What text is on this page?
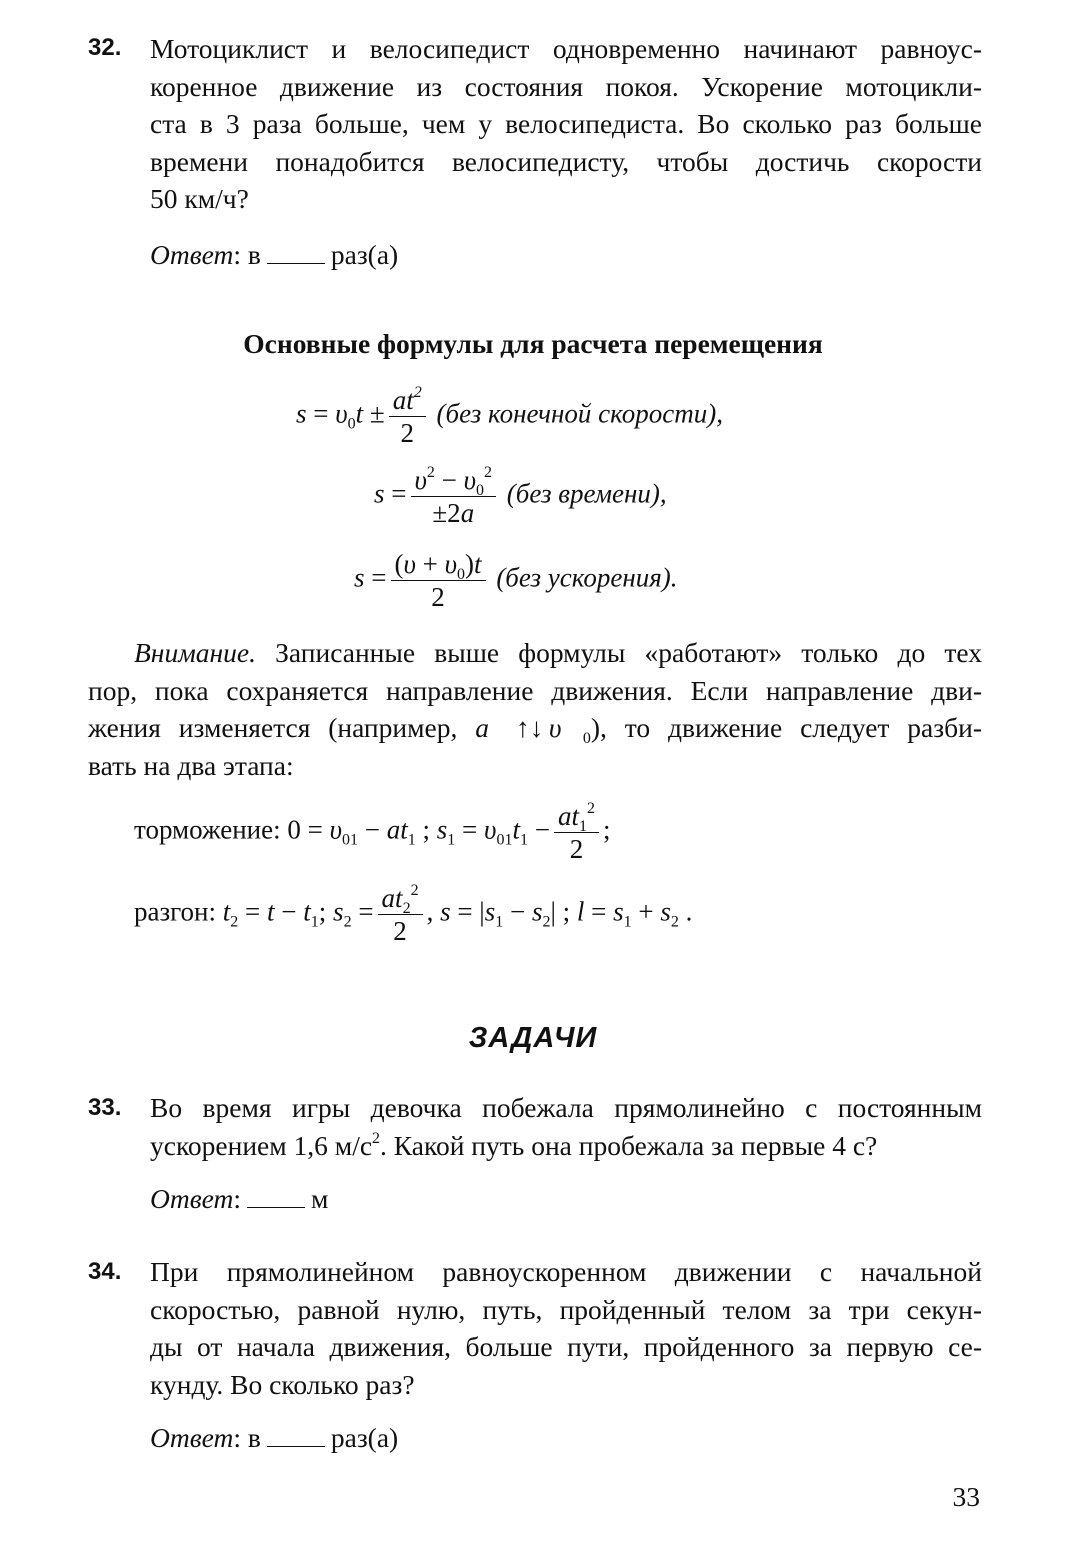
32. Мотоциклист и велосипедист одновременно начинают равноус-
коренное движение из состояния покоя. Ускорение мотоцикли-
ста в 3 раза больше, чем у велосипедиста. Во сколько раз больше
времени понадобится велосипедисту, чтобы достичь скорости
50 км/ч?
Ответ: в	раз(а)
Основные формулы для расчета перемещения
$s = \upsilon_0t \pm \frac{at^2}{2} (без$ конечной скорости),
$s = \frac{\upsilon^2 - \upsilon_0^2}{\pm 2a} (без$ времени),
$s = \frac{(\upsilon + \upsilon_0)t}{2} (без$ ускорения).
Внимание. Записанные выше формулы «работают» только до тех
пор, пока сохраняется направление движения. Если направление дви-
жения изменяется (например, a⃗ ↑↓ $\upsilon⃗_0$), то движение следует разби-
вать на два этапа:
торможение: $0 = \upsilon_{01} - at_1$ ; $s_1 = \upsilon_{01}t_1 - \frac{at_1^2}{2}$ ;
разгон: $t_2 = t - t_1$; $s_2 = \frac{at_2^2}{2}$ , $s = |s_1 - s_2|$ ; $l = s_1 + s_2$ .
ЗАДАЧИ
33. Во время игры девочка побежала прямолинейно с постоянным
ускорением 1,6 $м/с^2$. Какой путь она пробежала за первые 4 с?
Ответ:	м
34. При прямолинейном равноускоренном движении с начальной
скоростью, равной нулю, путь, пройденный телом за три секун-
ды от начала движения, больше пути, пройденного за первую се-
кунду. Во сколько раз?
Ответ: в	раз(а)
33
